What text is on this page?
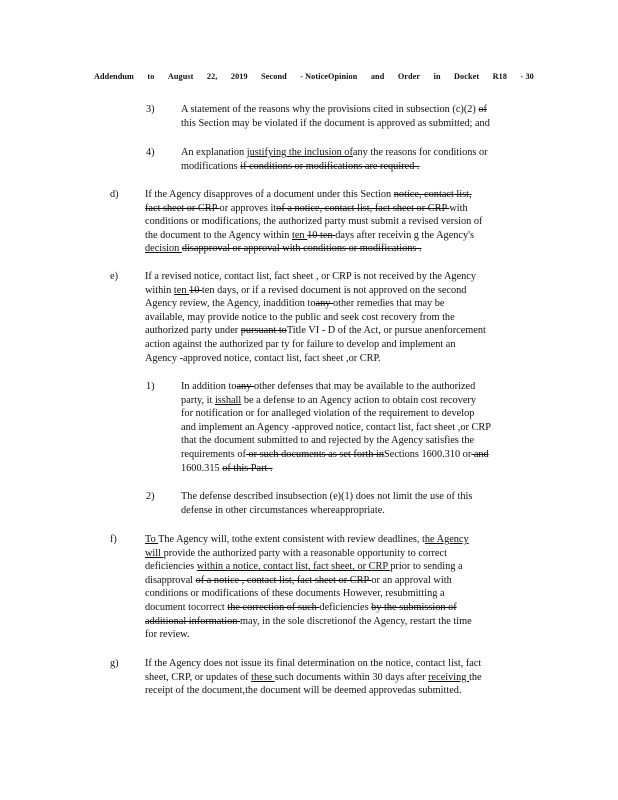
Addendum to August 22, 2019 Second - NoticeOpinion and Order in Docket R18 - 30
3)	A statement of the reasons why the provisions cited in subsection (c)(2) of
this Section may be violated if the document is approved as submitted; and
4)	An explanation justifying the inclusion ofany the reasons for conditions or
modifications if conditions or modifications are required .
d)	If the Agency disapproves of a document under this Section notice, contact list,
fact sheet or CRP or approves itof a notice, contact list, fact sheet or CRP with
conditions or modifications, the authorized party must submit a revised version of
the document to the Agency within ten 10 ten days after receivin g the Agency's
decision disapproval or approval with conditions or modifications .
e)	If a revised notice, contact list, fact sheet , or CRP is not received by the Agency
within ten 10 ten days, or if a revised document is not approved on the second
Agency review, the Agency, inaddition toany other remedies that may be
available, may provide notice to the public and seek cost recovery from the
authorized party under pursuant toTitle VI - D of the Act, or pursue anenforcement
action against the authorized par ty for failure to develop and implement an
Agency -approved notice, contact list, fact sheet ,or CRP.
1)	In addition toany other defenses that may be available to the authorized
party, it isshall be a defense to an Agency action to obtain cost recovery
for notification or for analleged violation of the requirement to develop
and implement an Agency -approved notice, contact list, fact sheet ,or CRP
that the document submitted to and rejected by the Agency satisfies the
requirements of or such documents as set forth inSections 1600.310 or and
1600.315 of this Part .
2)	The defense described insubsection (e)(1) does not limit the use of this
defense in other circumstances whereappropriate.
f)	To The Agency will, tothe extent consistent with review deadlines, the Agency
will provide the authorized party with a reasonable opportunity to correct
deficiencies within a notice, contact list, fact sheet, or CRP prior to sending a
disapproval of a notice , contact list, fact sheet or CRP or an approval with
conditions or modifications of these documents However, resubmitting a
document tocorrect the correction of such deficiencies by the submission of
additional information may, in the sole discretionof the Agency, restart the time
for review.
g)	If the Agency does not issue its final determination on the notice, contact list, fact
sheet, CRP, or updates of these such documents within 30 days after receiving the
receipt of the document,the document will be deemed approvedas submitted.
